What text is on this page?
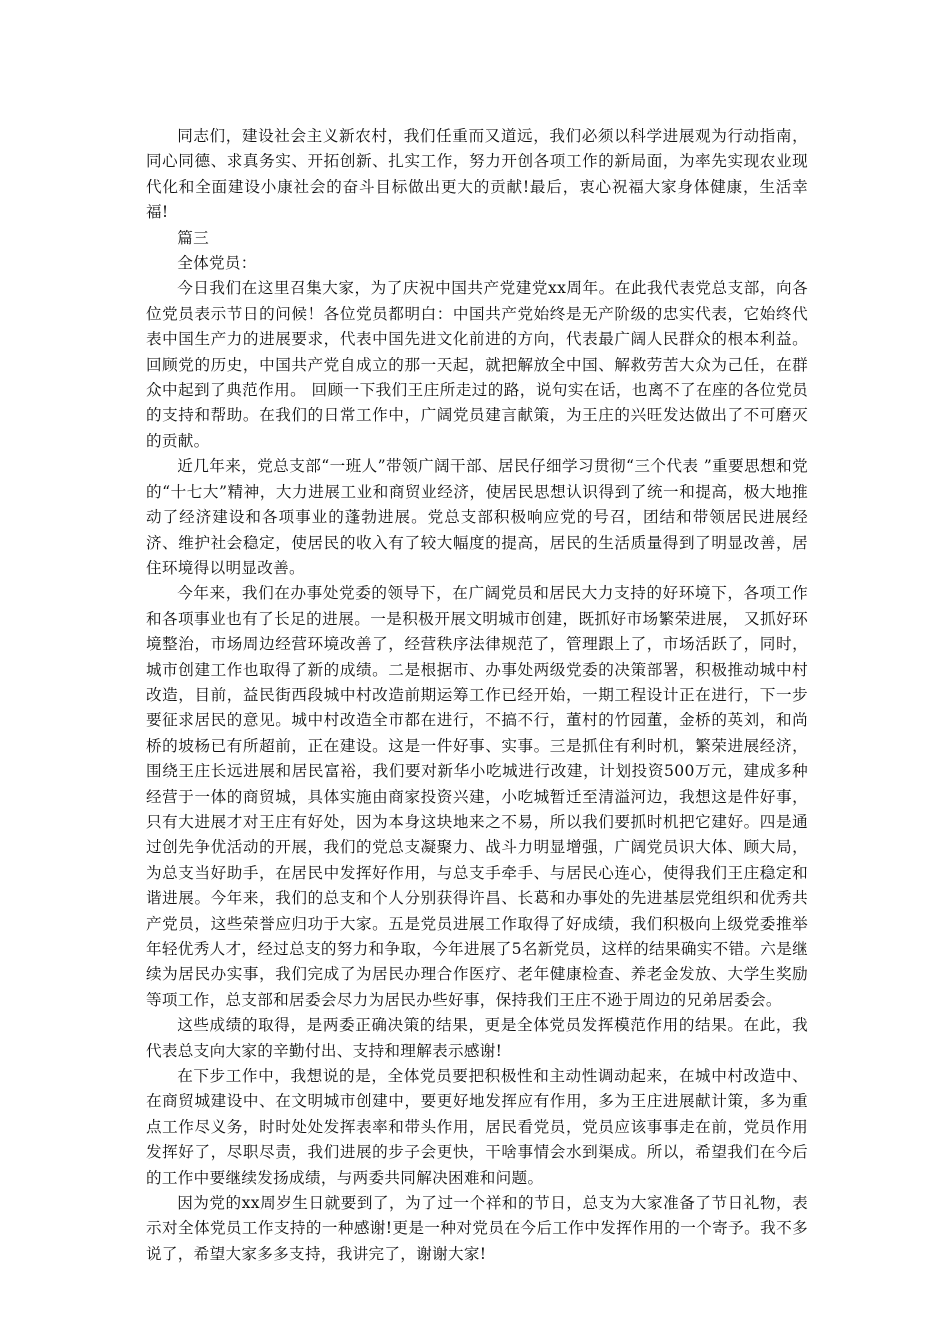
同志们，建设社会主义新农村，我们任重而又道远，我们必须以科学进展观为行动指南，同心同德、求真务实、开拓创新、扎实工作，努力开创各项工作的新局面，为率先实现农业现代化和全面建设小康社会的奋斗目标做出更大的贡献!最后，衷心祝福大家身体健康，生活幸福!

篇三

全体党员：

今日我们在这里召集大家，为了庆祝中国共产党建党xx周年。在此我代表党总支部，向各位党员表示节日的问候！各位党员都明白：中国共产党始终是无产阶级的忠实代表，它始终代表中国生产力的进展要求，代表中国先进文化前进的方向，代表最广阔人民群众的根本利益。回顾党的历史，中国共产党自成立的那一天起，就把解放全中国、解救劳苦大众为己任，在群众中起到了典范作用。 回顾一下我们王庄所走过的路，说句实在话，也离不了在座的各位党员的支持和帮助。在我们的日常工作中，广阔党员建言献策，为王庄的兴旺发达做出了不可磨灭的贡献。

近几年来，党总支部“一班人”带领广阔干部、居民仔细学习贯彻“三个代表 ”重要思想和党的“十七大”精神，大力进展工业和商贸业经济，使居民思想认识得到了统一和提高，极大地推动了经济建设和各项事业的蓬勃进展。党总支部积极响应党的号召，团结和带领居民进展经济、维护社会稳定，使居民的收入有了较大幅度的提高，居民的生活质量得到了明显改善，居住环境得以明显改善。

今年来，我们在办事处党委的领导下，在广阔党员和居民大力支持的好环境下，各项工作和各项事业也有了长足的进展。一是积极开展文明城市创建，既抓好市场繁荣进展， 又抓好环境整治，市场周边经营环境改善了，经营秩序法律规范了，管理跟上了，市场活跃了，同时，城市创建工作也取得了新的成绩。二是根据市、办事处两级党委的决策部署，积极推动城中村改造，目前，益民街西段城中村改造前期运筹工作已经开始，一期工程设计正在进行，下一步要征求居民的意见。城中村改造全市都在进行，不搞不行，董村的竹园董，金桥的英刘，和尚桥的坡杨已有所超前，正在建设。这是一件好事、实事。三是抓住有利时机，繁荣进展经济，围绕王庄长远进展和居民富裕，我们要对新华小吃城进行改建，计划投资500万元，建成多种经营于一体的商贸城，具体实施由商家投资兴建，小吃城暂迁至清溢河边，我想这是件好事，只有大进展才对王庄有好处，因为本身这块地来之不易，所以我们要抓时机把它建好。四是通过创先争优活动的开展，我们的党总支凝聚力、战斗力明显增强，广阔党员识大体、顾大局，为总支当好助手，在居民中发挥好作用，与总支手牵手、与居民心连心，使得我们王庄稳定和谐进展。今年来，我们的总支和个人分别获得许昌、长葛和办事处的先进基层党组织和优秀共产党员，这些荣誉应归功于大家。五是党员进展工作取得了好成绩，我们积极向上级党委推举年轻优秀人才，经过总支的努力和争取，今年进展了5名新党员，这样的结果确实不错。六是继续为居民办实事，我们完成了为居民办理合作医疗、老年健康检查、养老金发放、大学生奖励等项工作，总支部和居委会尽力为居民办些好事，保持我们王庄不逊于周边的兄弟居委会。

这些成绩的取得，是两委正确决策的结果，更是全体党员发挥模范作用的结果。在此，我代表总支向大家的辛勤付出、支持和理解表示感谢!

在下步工作中，我想说的是，全体党员要把积极性和主动性调动起来，在城中村改造中、在商贸城建设中、在文明城市创建中，要更好地发挥应有作用，多为王庄进展献计策，多为重点工作尽义务，时时处处发挥表率和带头作用，居民看党员，党员应该事事走在前，党员作用发挥好了，尽职尽责，我们进展的步子会更快，干啥事情会水到渠成。所以，希望我们在今后的工作中要继续发扬成绩，与两委共同解决困难和问题。

因为党的xx周岁生日就要到了，为了过一个祥和的节日，总支为大家准备了节日礼物，表示对全体党员工作支持的一种感谢!更是一种对党员在今后工作中发挥作用的一个寄予。我不多说了，希望大家多多支持，我讲完了，谢谢大家!
